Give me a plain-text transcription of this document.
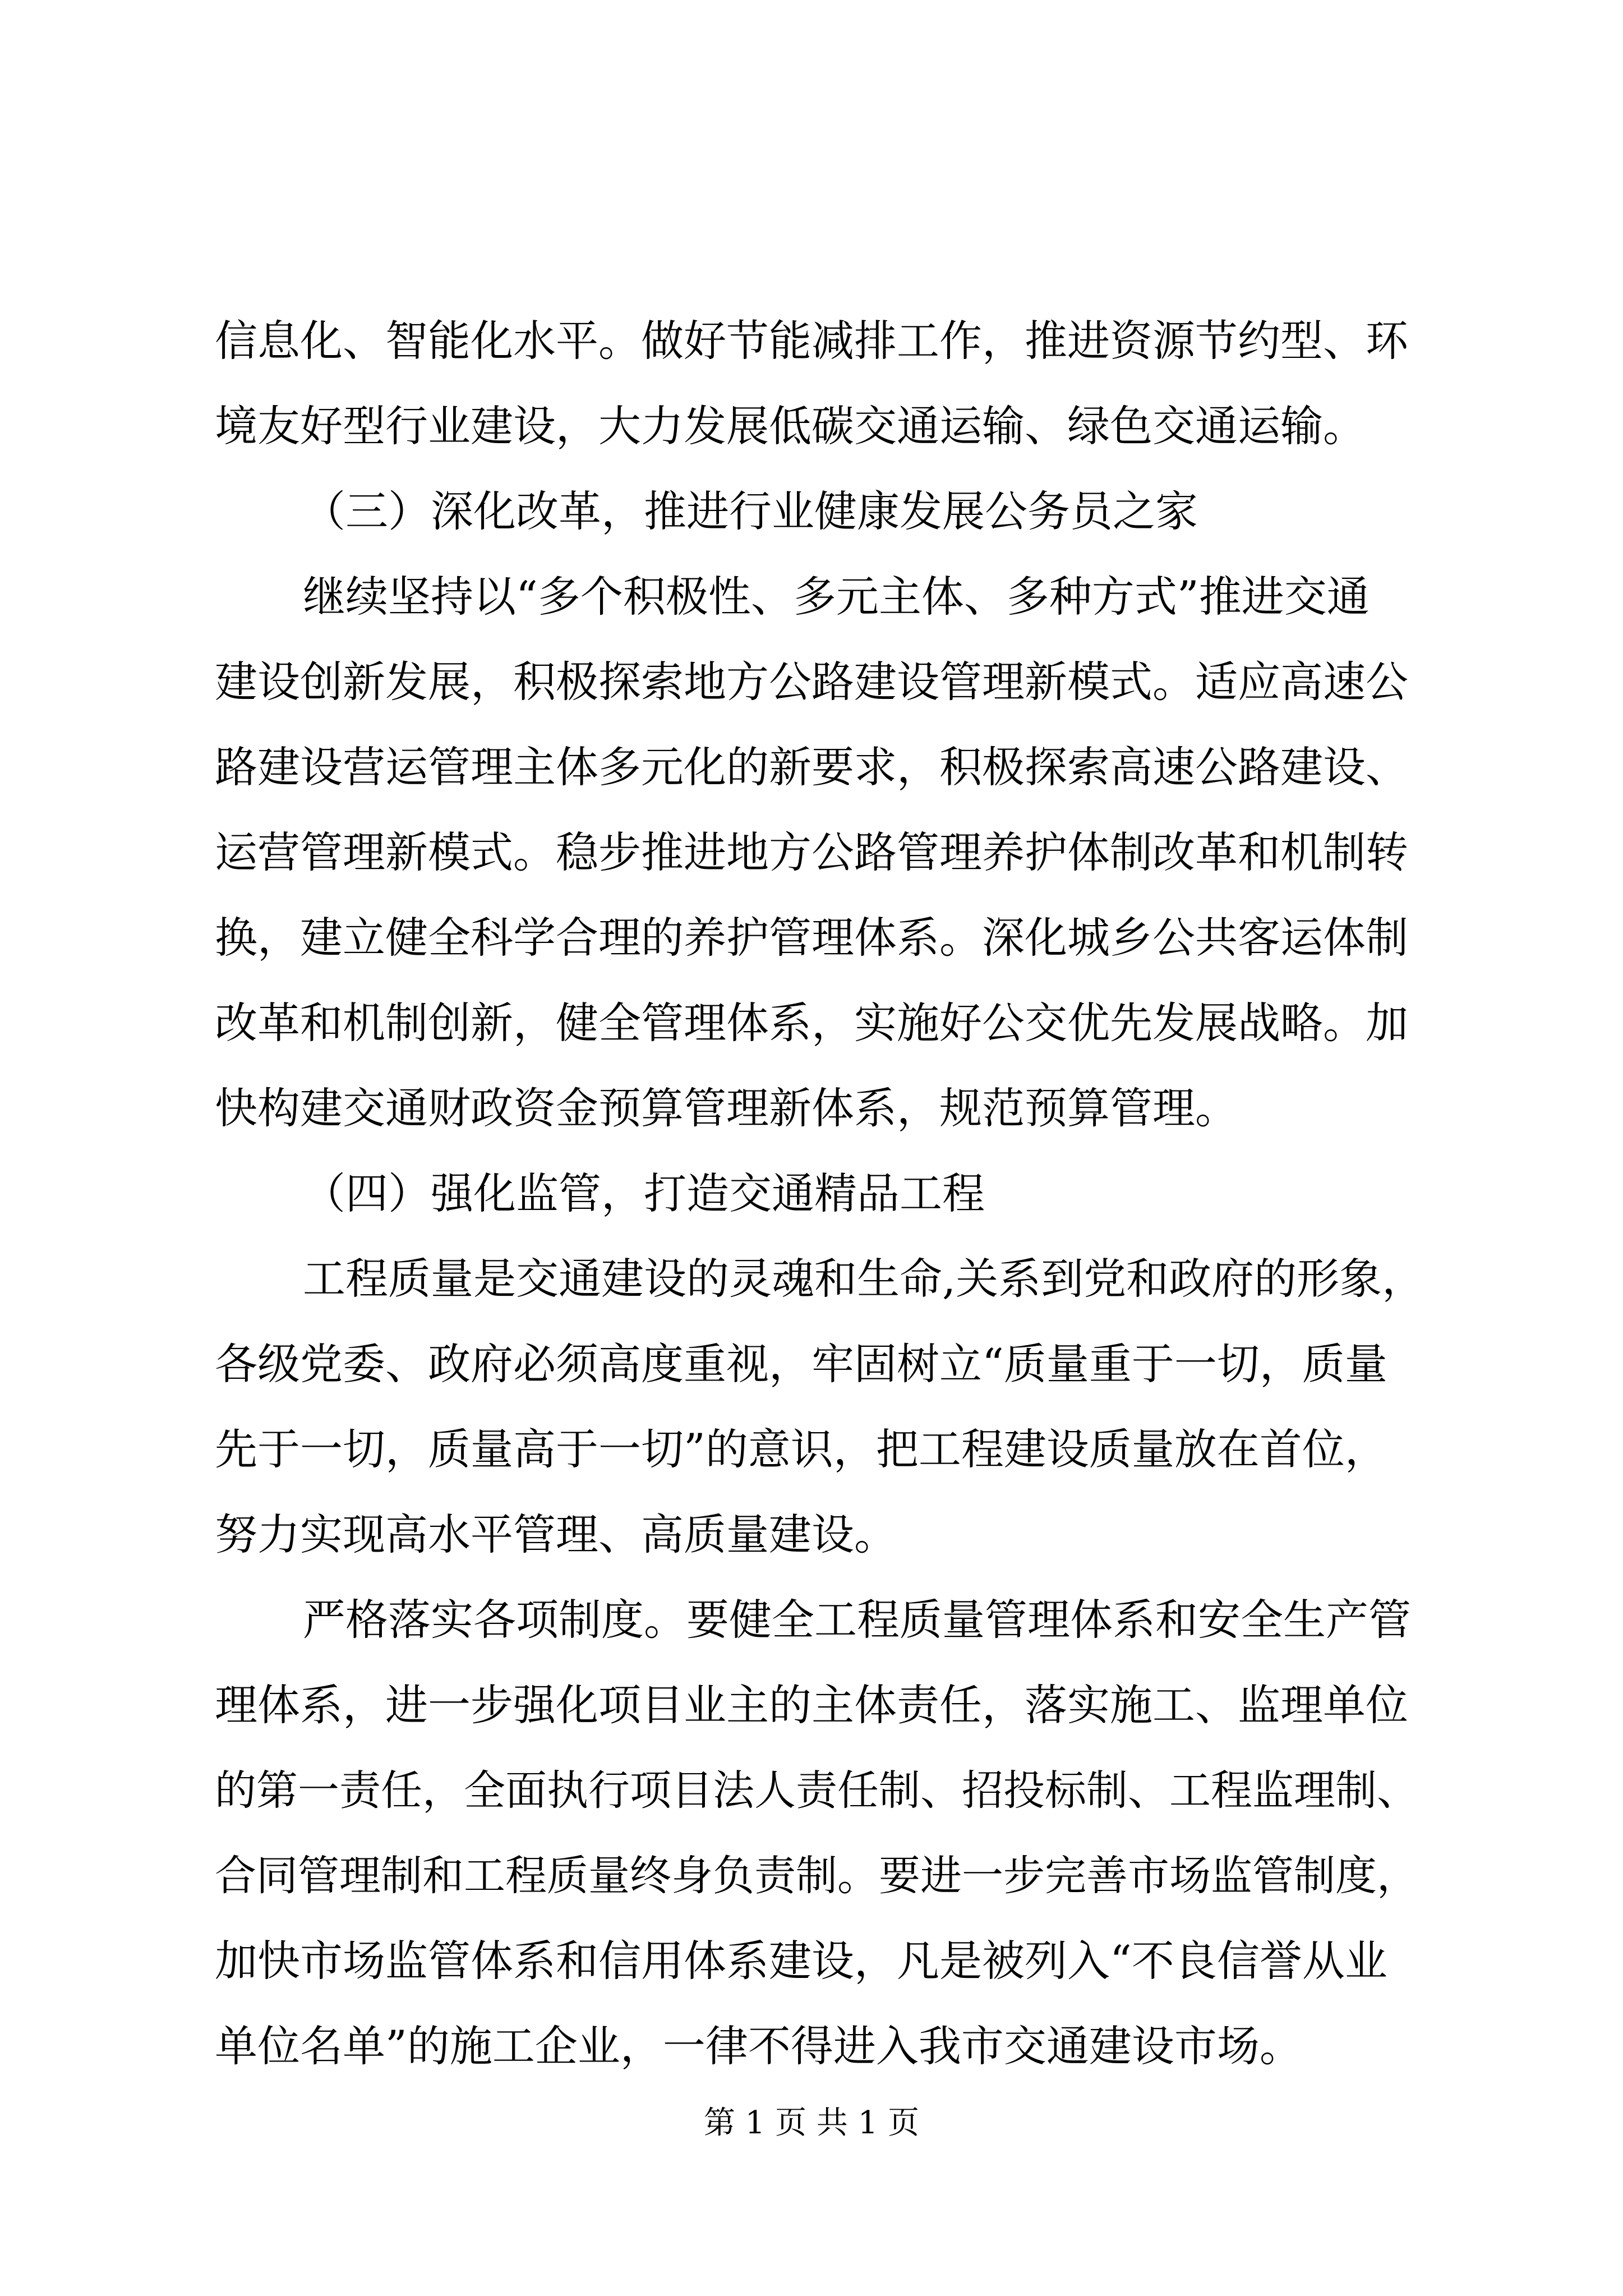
信息化、智能化水平。做好节能减排工作，推进资源节约型、环
境友好型行业建设，大力发展低碳交通运输、绿色交通运输。
（三）深化改革，推进行业健康发展公务员之家
继续坚持以“多个积极性、多元主体、多种方式”推进交通
建设创新发展，积极探索地方公路建设管理新模式。适应高速公
路建设营运管理主体多元化的新要求，积极探索高速公路建设、
运营管理新模式。稳步推进地方公路管理养护体制改革和机制转
换，建立健全科学合理的养护管理体系。深化城乡公共客运体制
改革和机制创新，健全管理体系，实施好公交优先发展战略。加
快构建交通财政资金预算管理新体系，规范预算管理。
（四）强化监管，打造交通精品工程
工程质量是交通建设的灵魂和生命,关系到党和政府的形象，
各级党委、政府必须高度重视，牢固树立“质量重于一切，质量
先于一切，质量高于一切”的意识，把工程建设质量放在首位，
努力实现高水平管理、高质量建设。
严格落实各项制度。要健全工程质量管理体系和安全生产管
理体系，进一步强化项目业主的主体责任，落实施工、监理单位
的第一责任，全面执行项目法人责任制、招投标制、工程监理制、
合同管理制和工程质量终身负责制。要进一步完善市场监管制度，
加快市场监管体系和信用体系建设，凡是被列入“不良信誉从业
单位名单”的施工企业，一律不得进入我市交通建设市场。
第 1 页 共 1 页
